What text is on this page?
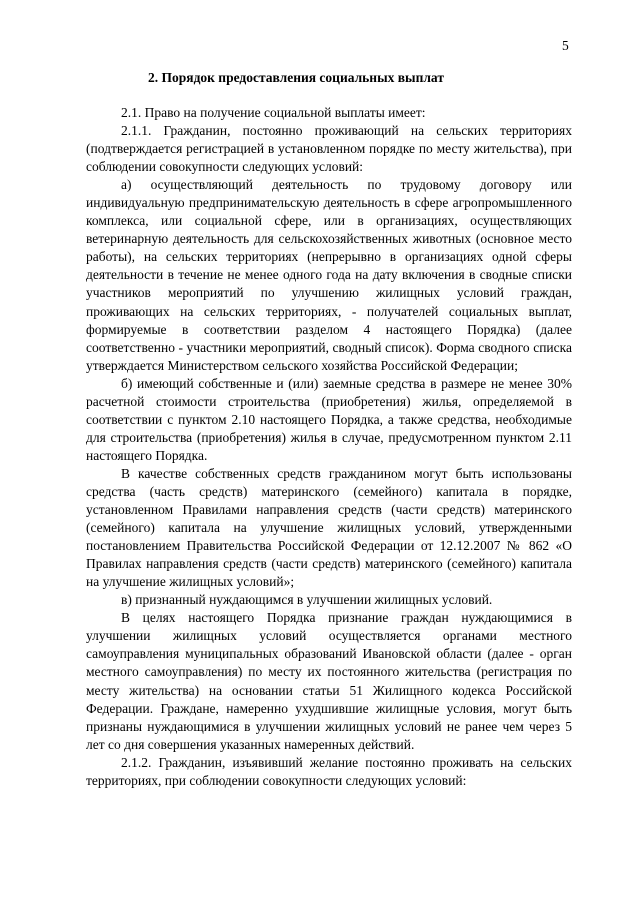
5
2. Порядок предоставления социальных выплат

2.1. Право на получение социальной выплаты имеет:

2.1.1. Гражданин, постоянно проживающий на сельских территориях (подтверждается регистрацией в установленном порядке по месту жительства), при соблюдении совокупности следующих условий:

а) осуществляющий деятельность по трудовому договору или индивидуальную предпринимательскую деятельность в сфере агропромышленного комплекса, или социальной сфере, или в организациях, осуществляющих ветеринарную деятельность для сельскохозяйственных животных (основное место работы), на сельских территориях (непрерывно в организациях одной сферы деятельности в течение не менее одного года на дату включения в сводные списки участников мероприятий по улучшению жилищных условий граждан, проживающих на сельских территориях, - получателей социальных выплат, формируемые в соответствии разделом 4 настоящего Порядка) (далее соответственно - участники мероприятий, сводный список). Форма сводного списка утверждается Министерством сельского хозяйства Российской Федерации;

б) имеющий собственные и (или) заемные средства в размере не менее 30% расчетной стоимости строительства (приобретения) жилья, определяемой в соответствии с пунктом 2.10 настоящего Порядка, а также средства, необходимые для строительства (приобретения) жилья в случае, предусмотренном пунктом 2.11 настоящего Порядка.

В качестве собственных средств гражданином могут быть использованы средства (часть средств) материнского (семейного) капитала в порядке, установленном Правилами направления средств (части средств) материнского (семейного) капитала на улучшение жилищных условий, утвержденными постановлением Правительства Российской Федерации от 12.12.2007 № 862 «О Правилах направления средств (части средств) материнского (семейного) капитала на улучшение жилищных условий»;

в) признанный нуждающимся в улучшении жилищных условий.

В целях настоящего Порядка признание граждан нуждающимися в улучшении жилищных условий осуществляется органами местного самоуправления муниципальных образований Ивановской области (далее - орган местного самоуправления) по месту их постоянного жительства (регистрация по месту жительства) на основании статьи 51 Жилищного кодекса Российской Федерации. Граждане, намеренно ухудшившие жилищные условия, могут быть признаны нуждающимися в улучшении жилищных условий не ранее чем через 5 лет со дня совершения указанных намеренных действий.

2.1.2. Гражданин, изъявивший желание постоянно проживать на сельских территориях, при соблюдении совокупности следующих условий:
